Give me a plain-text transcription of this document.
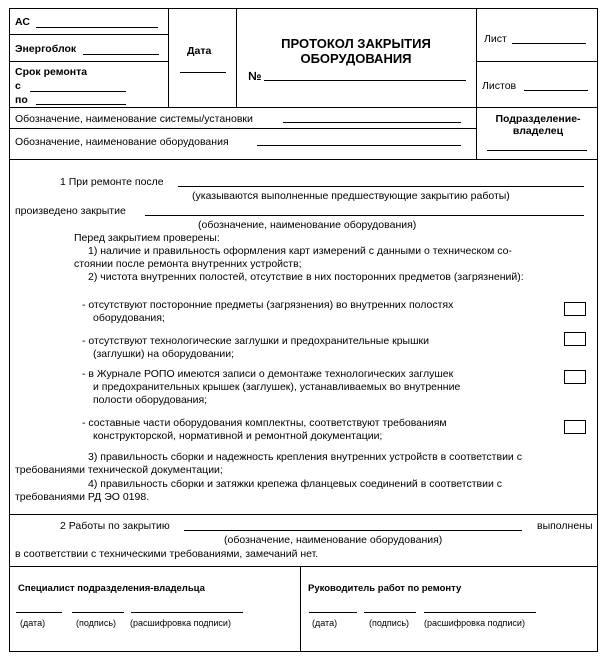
АС
Энергоблок
Срок ремонта
с
по
Дата	ПРОТОКОЛ ЗАКРЫТИЯ
ОБОРУДОВАНИЯ
№
Лист
Листов
Обозначение, наименование системы/установки
Обозначение, наименование оборудования
Подразделение-
владелец
1 При ремонте после
(указываются выполненные предшествующие закрытию работы)
произведено закрытие
(обозначение, наименование оборудования)
Перед закрытием проверены:
1) наличие и правильность оформления карт измерений с данными о техническом со-
стоянии после ремонта внутренних устройств;
2) чистота внутренних полостей, отсутствие в них посторонних предметов (загрязнений):
- отсутствуют посторонние предметы (загрязнения) во внутренних полостях
оборудования;
- отсутствуют технологические заглушки и предохранительные крышки
(заглушки) на оборудовании;
- в Журнале РОПО имеются записи о демонтаже технологических заглушек
и предохранительных крышек (заглушек), устанавливаемых во внутренние
полости оборудования;
- составные части оборудования комплектны, соответствуют требованиям
конструкторской, нормативной и ремонтной документации;
3) правильность сборки и надежность крепления внутренних устройств в соответствии с
требованиями технической документации;
4) правильность сборки и затяжки крепежа фланцевых соединений в соответствии с
требованиями РД ЭО 0198.
2 Работы по закрытию	выполнены
(обозначение, наименование оборудования)
в соответствии с техническими требованиями, замечаний нет.
Специалист подразделения-владельца
(дата)	(подпись) (расшифровка подписи)
Руководитель работ по ремонту
(дата)	(подпись) (расшифровка подписи)
